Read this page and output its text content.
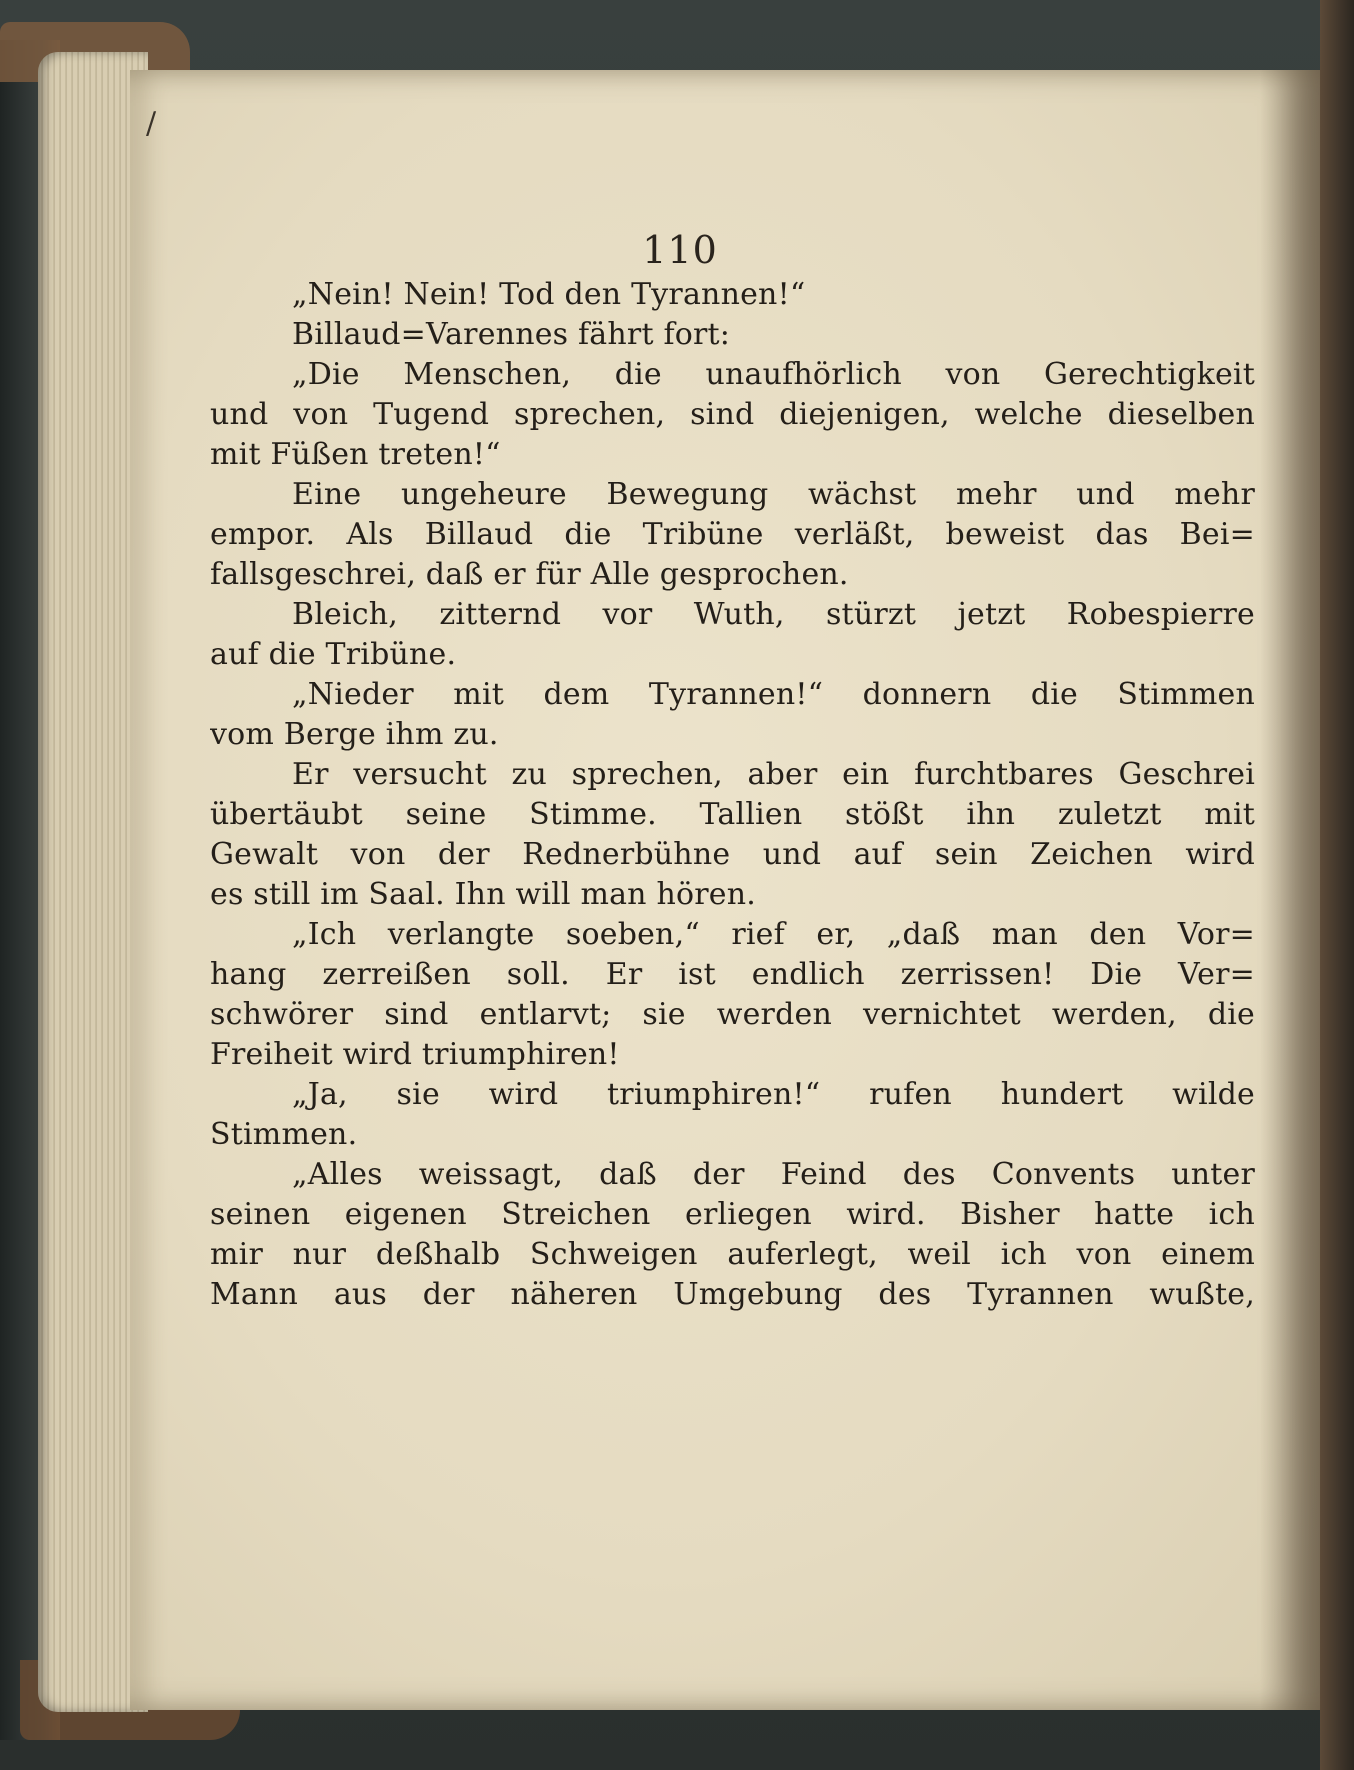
/
110
„Nein! Nein! Tod den Tyrannen!“
Billaud=Varennes fährt fort:
„Die Menschen, die unaufhörlich von Gerechtigkeit
und von Tugend sprechen, sind diejenigen, welche dieselben
mit Füßen treten!“
Eine ungeheure Bewegung wächst mehr und mehr
empor. Als Billaud die Tribüne verläßt, beweist das Bei=
fallsgeschrei, daß er für Alle gesprochen.
Bleich, zitternd vor Wuth, stürzt jetzt Robespierre
auf die Tribüne.
„Nieder mit dem Tyrannen!“ donnern die Stimmen
vom Berge ihm zu.
Er versucht zu sprechen, aber ein furchtbares Geschrei
übertäubt seine Stimme. Tallien stößt ihn zuletzt mit
Gewalt von der Rednerbühne und auf sein Zeichen wird
es still im Saal. Ihn will man hören.
„Ich verlangte soeben,“ rief er, „daß man den Vor=
hang zerreißen soll. Er ist endlich zerrissen! Die Ver=
schwörer sind entlarvt; sie werden vernichtet werden, die
Freiheit wird triumphiren!
„Ja, sie wird triumphiren!“ rufen hundert wilde
Stimmen.
„Alles weissagt, daß der Feind des Convents unter
seinen eigenen Streichen erliegen wird. Bisher hatte ich
mir nur deßhalb Schweigen auferlegt, weil ich von einem
Mann aus der näheren Umgebung des Tyrannen wußte,
